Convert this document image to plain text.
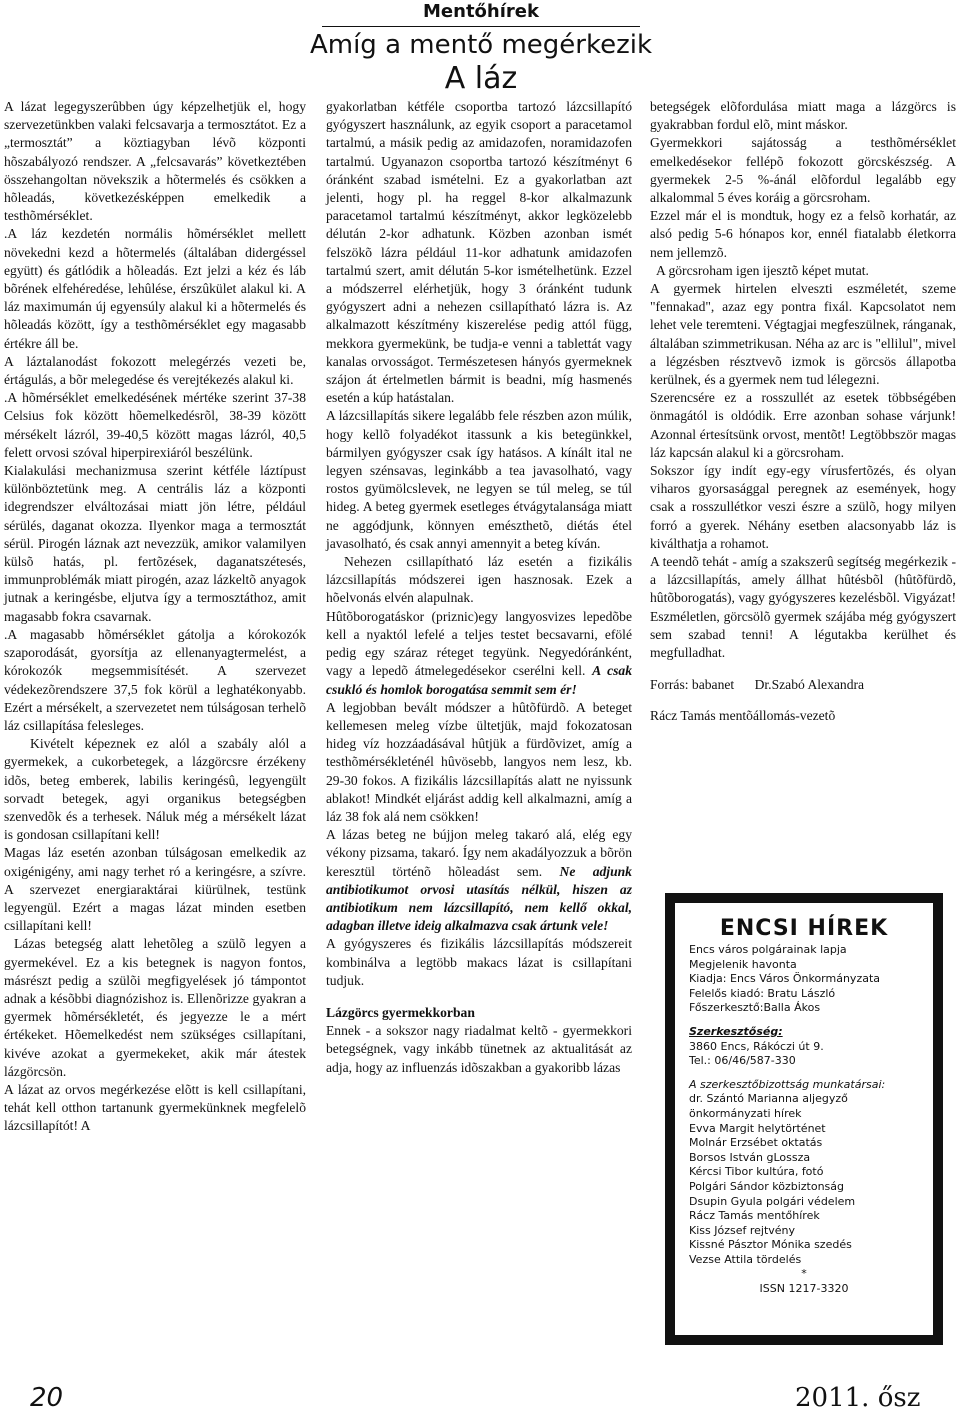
Mentőhírek
Amíg a mentő megérkezik
A láz

A lázat legegyszerûbben úgy képzelhetjük el, hogy szervezetünkben valaki felcsavarja a termosztátot. Ez a „termosztát” a köztiagyban lévõ központi hõszabályozó rendszer. A „felcsavarás” következtében összehangoltan növekszik a hõtermelés és csökken a hõleadás, következésképpen emelkedik a testhõmérséklet.

.A láz kezdetén normális hõmérséklet mellett növekedni kezd a hõtermelés (általában didergéssel együtt) és gátlódik a hõleadás. Ezt jelzi a kéz és láb bõrének elfehéredése, lehûlése, érszûkület alakul ki. A láz maximumán új egyensúly alakul ki a hõtermelés és hõleadás között, így a testhõmérséklet egy magasabb értékre áll be.

A láztalanodást fokozott melegérzés vezeti be, értágulás, a bõr melegedése és verejtékezés alakul ki.

.A hõmérséklet emelkedésének mértéke szerint 37-38 Celsius fok között hõemelkedésrõl, 38-39 között mérsékelt lázról, 39-40,5 között magas lázról, 40,5 felett orvosi szóval hiperpirexiáról beszélünk.

Kialakulási mechanizmusa szerint kétféle láztípust különböztetünk meg. A centrális láz a központi idegrendszer elváltozásai miatt jön létre, például sérülés, daganat okozza. Ilyenkor maga a termosztát sérül. Pirogén láznak azt nevezzük, amikor valamilyen külsõ hatás, pl. fertõzések, daganatszétesés, immunproblémák miatt pirogén, azaz lázkeltõ anyagok jutnak a keringésbe, eljutva így a termosztáthoz, amit magasabb fokra csavarnak.

.A magasabb hõmérséklet gátolja a kórokozók szaporodását, gyorsítja az ellenanyagtermelést, a kórokozók megsemmisítését. A szervezet védekezõrendszere 37,5 fok körül a leghatékonyabb. Ezért a mérsékelt, a szervezetet nem túlságosan terhelõ láz csillapítása felesleges.

Kivételt képeznek ez alól a szabály alól a gyermekek, a cukorbetegek, a lázgörcsre érzékeny idõs, beteg emberek, labilis keringésû, legyengült sorvadt betegek, agyi organikus betegségben szenvedõk és a terhesek. Náluk még a mérsékelt lázat is gondosan csillapítani kell!

Magas láz esetén azonban túlságosan emelkedik az oxigénigény, ami nagy terhet ró a keringésre, a szívre. A szervezet energiaraktárai kiürülnek, testünk legyengül. Ezért a magas lázat minden esetben csillapítani kell!

Lázas betegség alatt lehetõleg a szülõ legyen a gyermekével. Ez a kis betegnek is nagyon fontos, másrészt pedig a szülõi megfigyelések jó támpontot adnak a késõbbi diagnózishoz is. Ellenõrizze gyakran a gyermek hõmérsékletét, és jegyezze le a mért értékeket. Hõemelkedést nem szükséges csillapítani, kivéve azokat a gyermekeket, akik már átestek lázgörcsön.

A lázat az orvos megérkezése elõtt is kell csillapítani, tehát kell otthon tartanunk gyermekünknek megfelelõ lázcsillapítót! A

gyakorlatban kétféle csoportba tartozó lázcsillapító gyógyszert használunk, az egyik csoport a paracetamol tartalmú, a másik pedig az amidazofen, noramidazofen tartalmú. Ugyanazon csoportba tartozó készítményt 6 óránként szabad ismételni. Ez a gyakorlatban azt jelenti, hogy pl. ha reggel 8-kor alkalmazunk paracetamol tartalmú készítményt, akkor legközelebb délután 2-kor adhatunk. Közben azonban ismét felszökõ lázra például 11-kor adhatunk amidazofen tartalmú szert, amit délután 5-kor ismételhetünk. Ezzel a módszerrel elérhetjük, hogy 3 óránként tudunk gyógyszert adni a nehezen csillapítható lázra is. Az alkalmazott készítmény kiszerelése pedig attól függ, mekkora gyermekünk, be tudja-e venni a tablettát vagy kanalas orvosságot. Természetesen hányós gyermeknek szájon át értelmetlen bármit is beadni, míg hasmenés esetén a kúp hatástalan.

A lázcsillapítás sikere legalább fele részben azon múlik, hogy kellõ folyadékot itassunk a kis betegünkkel, bármilyen gyógyszer csak így hatásos. A kínált ital ne legyen szénsavas, leginkább a tea javasolható, vagy rostos gyümölcslevek, ne legyen se túl meleg, se túl hideg. A beteg gyermek esetleges étvágytalansága miatt ne aggódjunk, könnyen emészthetõ, diétás étel javasolható, és csak annyi amennyit a beteg kíván.

Nehezen csillapítható láz esetén a fizikális lázcsillapítás módszerei igen hasznosak. Ezek a hõelvonás elvén alapulnak.

Hûtõborogatáskor (priznic)egy langyosvizes lepedõbe kell a nyaktól lefelé a teljes testet becsavarni, efölé pedig egy száraz réteget tegyünk. Negyedóránként, vagy a lepedõ átmelegedésekor cserélni kell. A csak csukló és homlok borogatása semmit sem ér!

A legjobban bevált módszer a hûtõfürdõ. A beteget kellemesen meleg vízbe ültetjük, majd fokozatosan hideg víz hozzáadásával hûtjük a fürdõvizet, amíg a testhõmérsékleténél hûvösebb, langyos nem lesz, kb. 29-30 fokos. A fizikális lázcsillapítás alatt ne nyissunk ablakot! Mindkét eljárást addig kell alkalmazni, amíg a láz 38 fok alá nem csökken!

A lázas beteg ne bújjon meleg takaró alá, elég egy vékony pizsama, takaró. Így nem akadályozzuk a bõrön keresztül történõ hõleadást sem. Ne adjunk antibiotikumot orvosi utasítás nélkül, hiszen az antibiotikum nem lázcsillapító, nem kellő okkal, adagban illetve ideig alkalmazva csak ártunk vele!

A gyógyszeres és fizikális lázcsillapítás módszereit kombinálva a legtöbb makacs lázat is csillapítani tudjuk.

Lázgörcs gyermekkorban

Ennek - a sokszor nagy riadalmat keltõ - gyermekkori betegségnek, vagy inkább tünetnek az aktualitását az adja, hogy az influenzás idõszakban a gyakoribb lázas

betegségek elõfordulása miatt maga a lázgörcs is gyakrabban fordul elõ, mint máskor.

Gyermekkori sajátosság a testhõmérséklet emelkedésekor fellépõ fokozott görcskészség. A gyermekek 2-5 %-ánál elõfordul legalább egy alkalommal 5 éves koráig a görcsroham.

Ezzel már el is mondtuk, hogy ez a felsõ korhatár, az alsó pedig 5-6 hónapos kor, ennél fiatalabb életkorra nem jellemzõ.

A görcsroham igen ijesztõ képet mutat.

A gyermek hirtelen elveszti eszméletét, szeme "fennakad", azaz egy pontra fixál. Kapcsolatot nem lehet vele teremteni. Végtagjai megfeszülnek, ránganak, általában szimmetrikusan. Néha az arc is "ellilul", mivel a légzésben résztvevõ izmok is görcsös állapotba kerülnek, és a gyermek nem tud lélegezni.

Szerencsére ez a rosszullét az esetek többségében önmagától is oldódik. Erre azonban sohase várjunk! Azonnal értesítsünk orvost, mentõt! Legtöbbször magas láz kapcsán alakul ki a görcsroham.

Sokszor így indít egy-egy vírusfertõzés, és olyan viharos gyorsasággal peregnek az események, hogy csak a rosszullétkor veszi észre a szülõ, hogy milyen forró a gyerek. Néhány esetben alacsonyabb láz is kiválthatja a rohamot.

A teendõ tehát - amíg a szakszerû segítség megérkezik - a lázcsillapítás, amely állhat hûtésbõl (hûtõfürdõ, hûtõborogatás), vagy gyógyszeres kezelésbõl. Vigyázat! Eszméletlen, görcsölõ gyermek szájába még gyógyszert sem szabad tenni! A légutakba kerülhet és megfulladhat.

Forrás: babanet Dr.Szabó Alexandra

Rácz Tamás mentõállomás-vezetõ

ENCSI HÍREK

Encs város polgárainak lapja

Megjelenik havonta

Kiadja: Encs Város Önkormányzata

Felelős kiadó: Bratu László

Főszerkesztő:Balla Ákos

Szerkesztőség:

3860 Encs, Rákóczi út 9.

Tel.: 06/46/587-330

A szerkesztőbizottság munkatársai:

dr. Szántó Marianna aljegyző

önkormányzati hírek

Evva Margit helytörténet

Molnár Erzsébet oktatás

Borsos István gLossza

Kércsi Tibor kultúra, fotó

Polgári Sándor közbiztonság

Dsupin Gyula polgári védelem

Rácz Tamás mentőhírek

Kiss József rejtvény

Kissné Pásztor Mónika szedés

Vezse Attila tördelés

*

ISSN 1217-3320

20	2011. ősz
